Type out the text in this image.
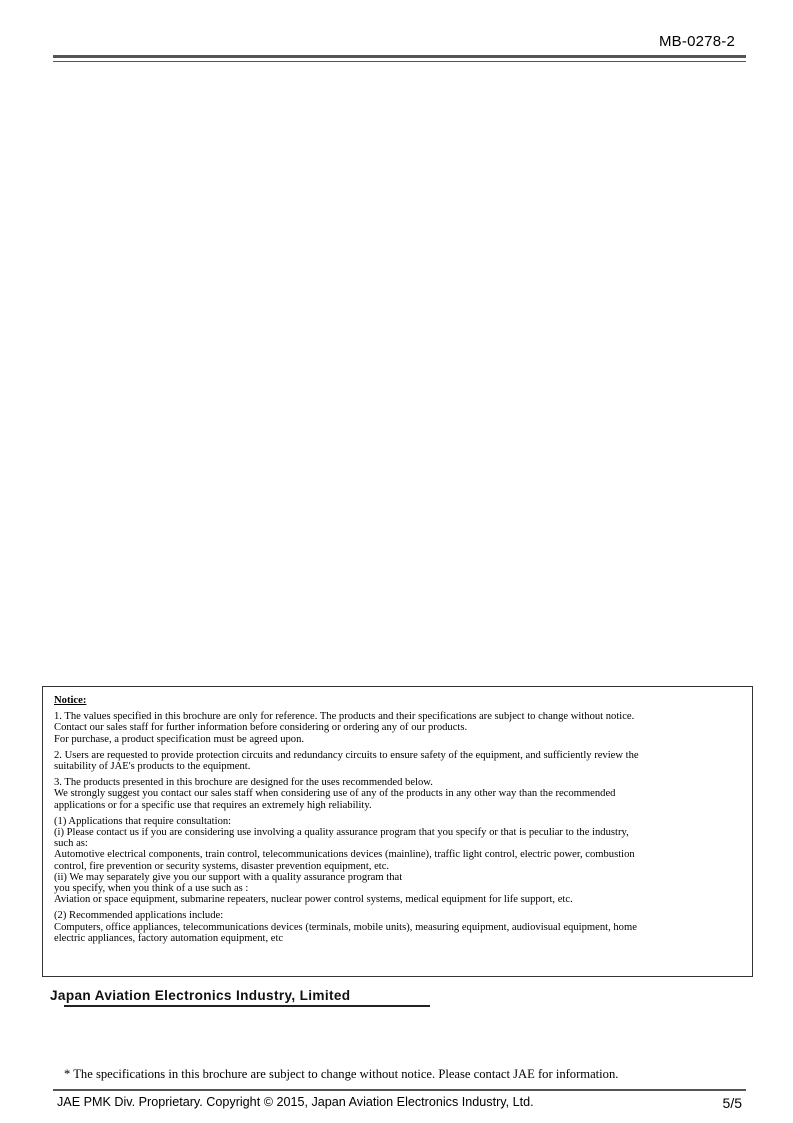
MB-0278-2
Notice:
1. The values specified in this brochure are only for reference. The products and their specifications are subject to change without notice.
Contact our sales staff for further information before considering or ordering any of our products.
For purchase, a product specification must be agreed upon.
2. Users are requested to provide protection circuits and redundancy circuits to ensure safety of the equipment, and sufficiently review the
suitability of JAE's products to the equipment.
3. The products presented in this brochure are designed for the uses recommended below.
We strongly suggest you contact our sales staff when considering use of any of the products in any other way than the recommended
applications or for a specific use that requires an extremely high reliability.
(1) Applications that require consultation:
(i) Please contact us if you are considering use involving a quality assurance program that you specify or that is peculiar to the industry,
such as:
Automotive electrical components, train control, telecommunications devices (mainline), traffic light control, electric power, combustion
control, fire prevention or security systems, disaster prevention equipment, etc.
(ii) We may separately give you our support with a quality assurance program that
you specify, when you think of a use such as :
Aviation or space equipment, submarine repeaters, nuclear power control systems, medical equipment for life support, etc.
(2) Recommended applications include:
Computers, office appliances, telecommunications devices (terminals, mobile units), measuring equipment, audiovisual equipment, home
electric appliances, factory automation equipment, etc
Japan Aviation Electronics Industry, Limited
* The specifications in this brochure are subject to change without notice. Please contact JAE for information.
JAE PMK Div. Proprietary. Copyright © 2015, Japan Aviation Electronics Industry, Ltd.	5/5
